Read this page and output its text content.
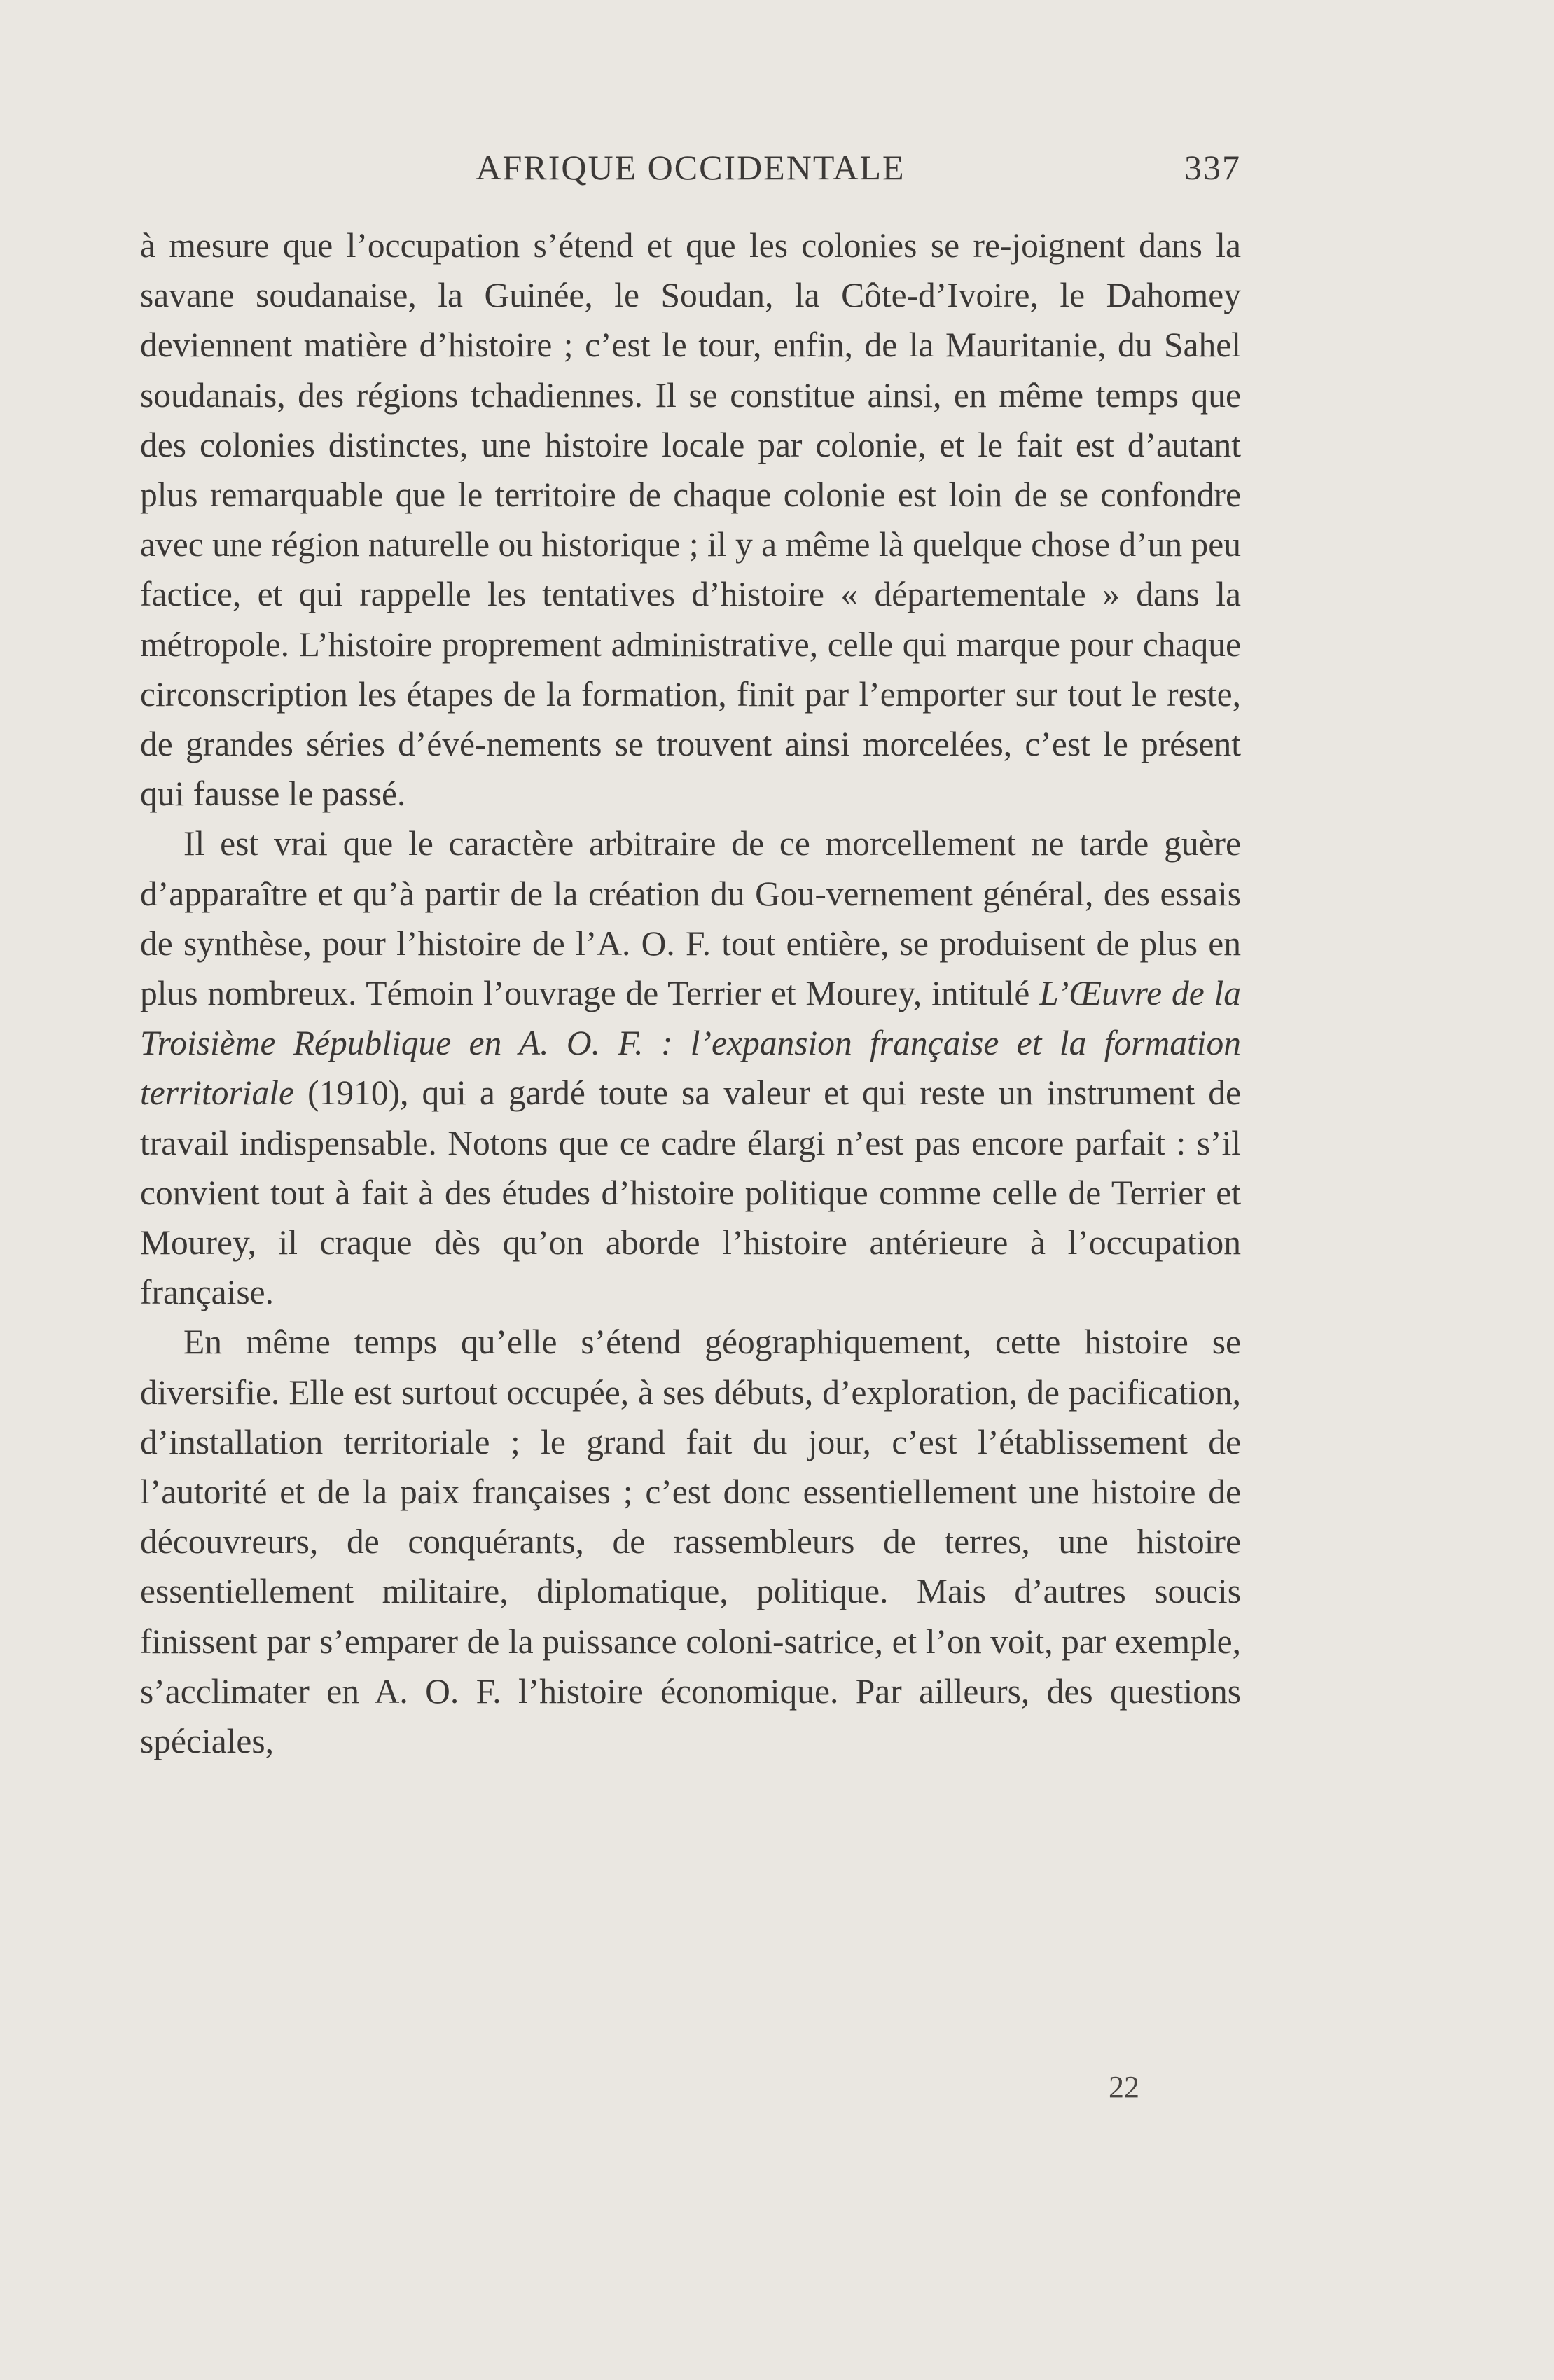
AFRIQUE OCCIDENTALE	337

à mesure que l’occupation s’étend et que les colonies se re-joignent dans la savane soudanaise, la Guinée, le Soudan, la Côte-d’Ivoire, le Dahomey deviennent matière d’histoire ; c’est le tour, enfin, de la Mauritanie, du Sahel soudanais, des régions tchadiennes. Il se constitue ainsi, en même temps que des colonies distinctes, une histoire locale par colonie, et le fait est d’autant plus remarquable que le territoire de chaque colonie est loin de se confondre avec une région naturelle ou historique ; il y a même là quelque chose d’un peu factice, et qui rappelle les tentatives d’histoire « départementale » dans la métropole. L’histoire proprement administrative, celle qui marque pour chaque circonscription les étapes de la formation, finit par l’emporter sur tout le reste, de grandes séries d’évé-nements se trouvent ainsi morcelées, c’est le présent qui fausse le passé.

Il est vrai que le caractère arbitraire de ce morcellement ne tarde guère d’apparaître et qu’à partir de la création du Gou-vernement général, des essais de synthèse, pour l’histoire de l’A. O. F. tout entière, se produisent de plus en plus nombreux. Témoin l’ouvrage de Terrier et Mourey, intitulé L’Œuvre de la Troisième République en A. O. F. : l’expansion française et la formation territoriale (1910), qui a gardé toute sa valeur et qui reste un instrument de travail indispensable. Notons que ce cadre élargi n’est pas encore parfait : s’il convient tout à fait à des études d’histoire politique comme celle de Terrier et Mourey, il craque dès qu’on aborde l’histoire antérieure à l’occupation française.

En même temps qu’elle s’étend géographiquement, cette histoire se diversifie. Elle est surtout occupée, à ses débuts, d’exploration, de pacification, d’installation territoriale ; le grand fait du jour, c’est l’établissement de l’autorité et de la paix françaises ; c’est donc essentiellement une histoire de découvreurs, de conquérants, de rassembleurs de terres, une histoire essentiellement militaire, diplomatique, politique. Mais d’autres soucis finissent par s’emparer de la puissance coloni-satrice, et l’on voit, par exemple, s’acclimater en A. O. F. l’histoire économique. Par ailleurs, des questions spéciales,

22
